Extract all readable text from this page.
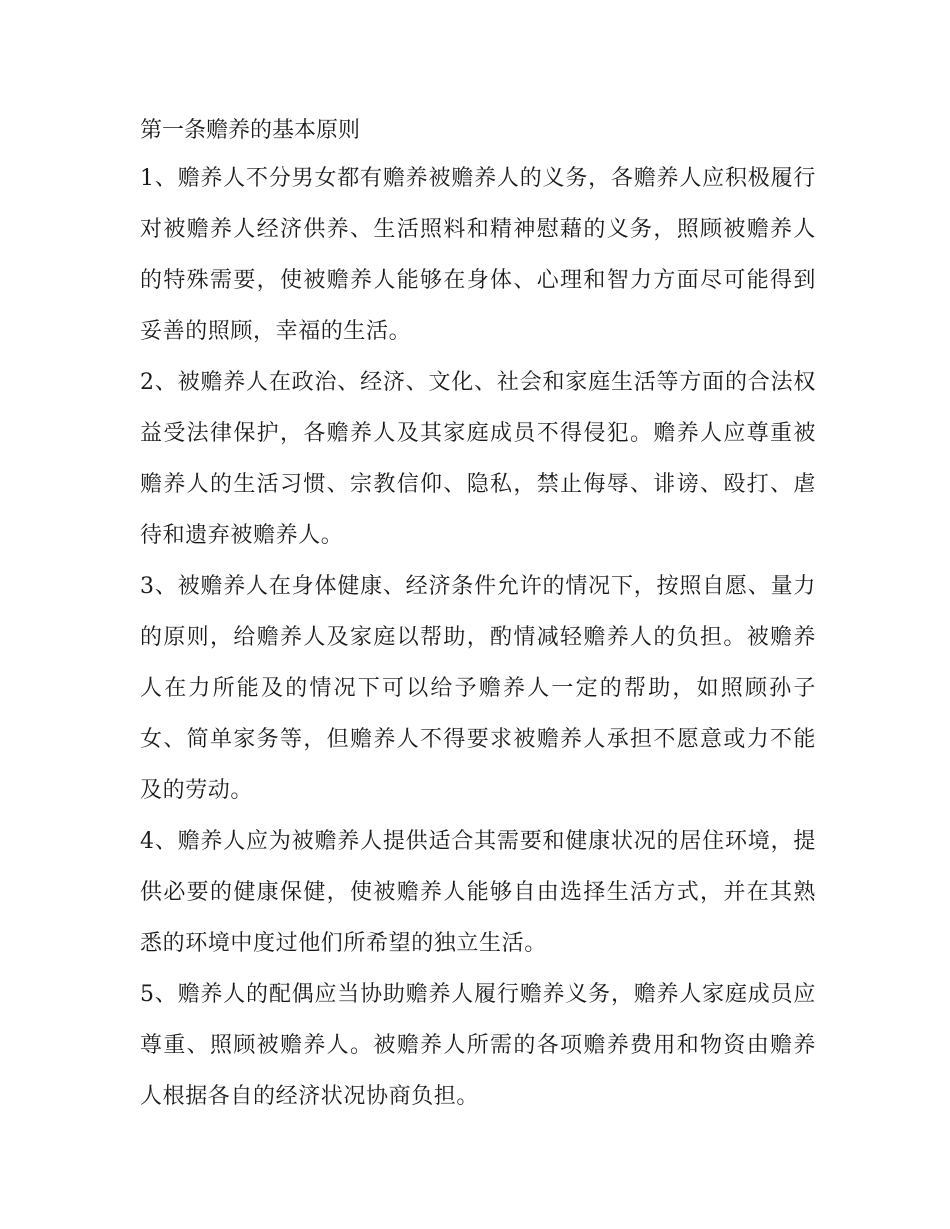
第一条赡养的基本原则

1、赡养人不分男女都有赡养被赡养人的义务，各赡养人应积极履行对被赡养人经济供养、生活照料和精神慰藉的义务，照顾被赡养人的特殊需要，使被赡养人能够在身体、心理和智力方面尽可能得到妥善的照顾，幸福的生活。

2、被赡养人在政治、经济、文化、社会和家庭生活等方面的合法权益受法律保护，各赡养人及其家庭成员不得侵犯。赡养人应尊重被赡养人的生活习惯、宗教信仰、隐私，禁止侮辱、诽谤、殴打、虐待和遗弃被赡养人。

3、被赡养人在身体健康、经济条件允许的情况下，按照自愿、量力的原则，给赡养人及家庭以帮助，酌情减轻赡养人的负担。被赡养人在力所能及的情况下可以给予赡养人一定的帮助，如照顾孙子女、简单家务等，但赡养人不得要求被赡养人承担不愿意或力不能及的劳动。

4、赡养人应为被赡养人提供适合其需要和健康状况的居住环境，提供必要的健康保健，使被赡养人能够自由选择生活方式，并在其熟悉的环境中度过他们所希望的独立生活。

5、赡养人的配偶应当协助赡养人履行赡养义务，赡养人家庭成员应尊重、照顾被赡养人。被赡养人所需的各项赡养费用和物资由赡养人根据各自的经济状况协商负担。
